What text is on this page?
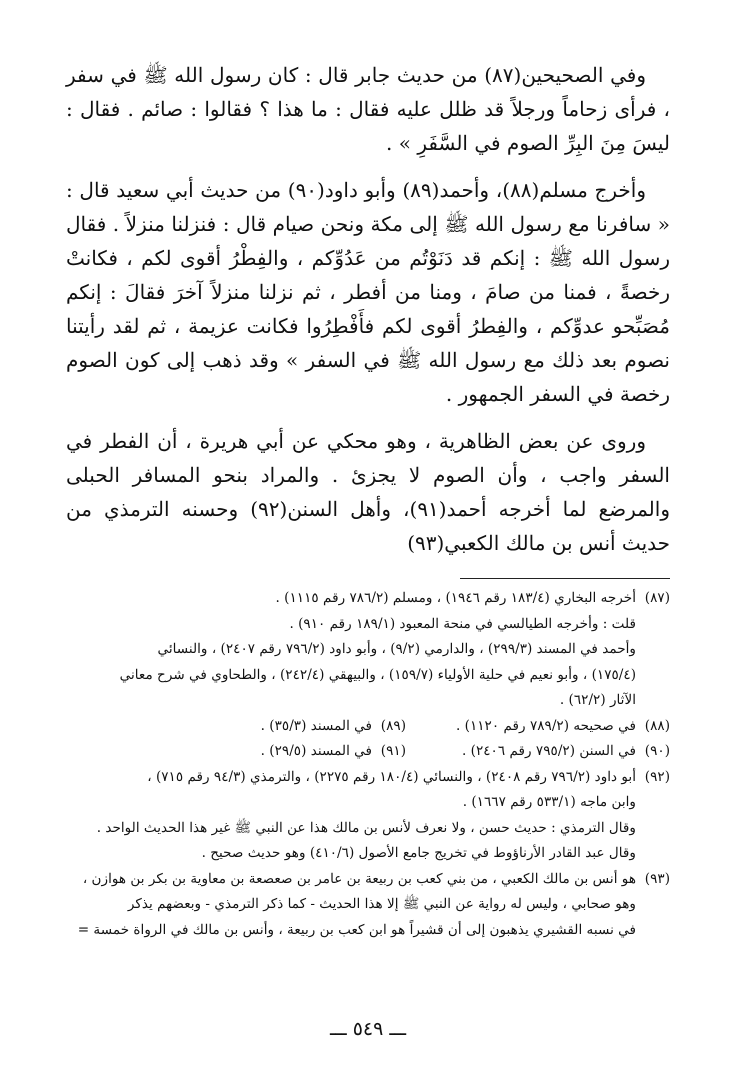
وفي الصحيحين(٨٧) من حديث جابر قال : كان رسول الله ﷺ في سفر ، فرأى زحاماً ورجلاً قد ظلل عليه فقال : ما هذا ؟ فقالوا : صائم . فقال : ليسَ مِنَ البِرِّ الصوم في السَّفَرِ » .

وأخرج مسلم(٨٨)، وأحمد(٨٩) وأبو داود(٩٠) من حديث أبي سعيد قال : « سافرنا مع رسول الله ﷺ إلى مكة ونحن صيام قال : فنزلنا منزلاً . فقال رسول الله ﷺ : إنكم قد دَنَوْتُم من عَدُوِّكم ، والفِطْرُ أقوى لكم ، فكانتْ رخصةً ، فمنا من صامَ ، ومنا من أفطر ، ثم نزلنا منزلاً آخرَ فقالَ : إنكم مُصَبِّحو عدوِّكم ، والفِطرُ أقوى لكم فأَفْطِرُوا فكانت عزيمة ، ثم لقد رأيتنا نصوم بعد ذلك مع رسول الله ﷺ في السفر » وقد ذهب إلى كون الصوم رخصة في السفر الجمهور .

وروى عن بعض الظاهرية ، وهو محكي عن أبي هريرة ، أن الفطر في السفر واجب ، وأن الصوم لا يجزئ . والمراد بنحو المسافر الحبلى والمرضع لما أخرجه أحمد(٩١)، وأهل السنن(٩٢) وحسنه الترمذي من حديث أنس بن مالك الكعبي(٩٣)

(٨٧)
أخرجه البخاري (١٨٣/٤ رقم ١٩٤٦) ، ومسلم (٧٨٦/٢ رقم ١١١٥) .
قلت : وأخرجه الطيالسي في منحة المعبود (١٨٩/١ رقم ٩١٠) .
وأحمد في المسند (٢٩٩/٣) ، والدارمي (٩/٢) ، وأبو داود (٧٩٦/٢ رقم ٢٤٠٧) ، والنسائي
(١٧٥/٤) ، وأبو نعيم في حلية الأولياء (١٥٩/٧) ، والبيهقي (٢٤٢/٤) ، والطحاوي في شرح معاني
الآثار (٦٢/٢) .
(٨٨)
في صحيحه (٧٨٩/٢ رقم ١١٢٠) .
(٨٩)
في المسند (٣٥/٣) .
(٩٠)
في السنن (٧٩٥/٢ رقم ٢٤٠٦) .
(٩١)
في المسند (٢٩/٥) .
(٩٢)
أبو داود (٧٩٦/٢ رقم ٢٤٠٨) ، والنسائي (١٨٠/٤ رقم ٢٢٧٥) ، والترمذي (٩٤/٣ رقم ٧١٥) ،
وابن ماجه (٥٣٣/١ رقم ١٦٦٧) .
وقال الترمذي : حديث حسن ، ولا نعرف لأنس بن مالك هذا عن النبي ﷺ غير هذا الحديث الواحد .
وقال عبد القادر الأرناؤوط في تخريج جامع الأصول (٤١٠/٦) وهو حديث صحيح .
(٩٣)
هو أنس بن مالك الكعبي ، من بني كعب بن ربيعة بن عامر بن صعصعة بن معاوية بن بكر بن هوازن ،
وهو صحابي ، وليس له رواية عن النبي ﷺ إلا هذا الحديث - كما ذكر الترمذي - وبعضهم يذكر
في نسبه القشيري يذهبون إلى أن قشيراً هو ابن كعب بن ربيعة ، وأنس بن مالك في الرواة خمسة =
ـــ ٥٤٩ ـــ
